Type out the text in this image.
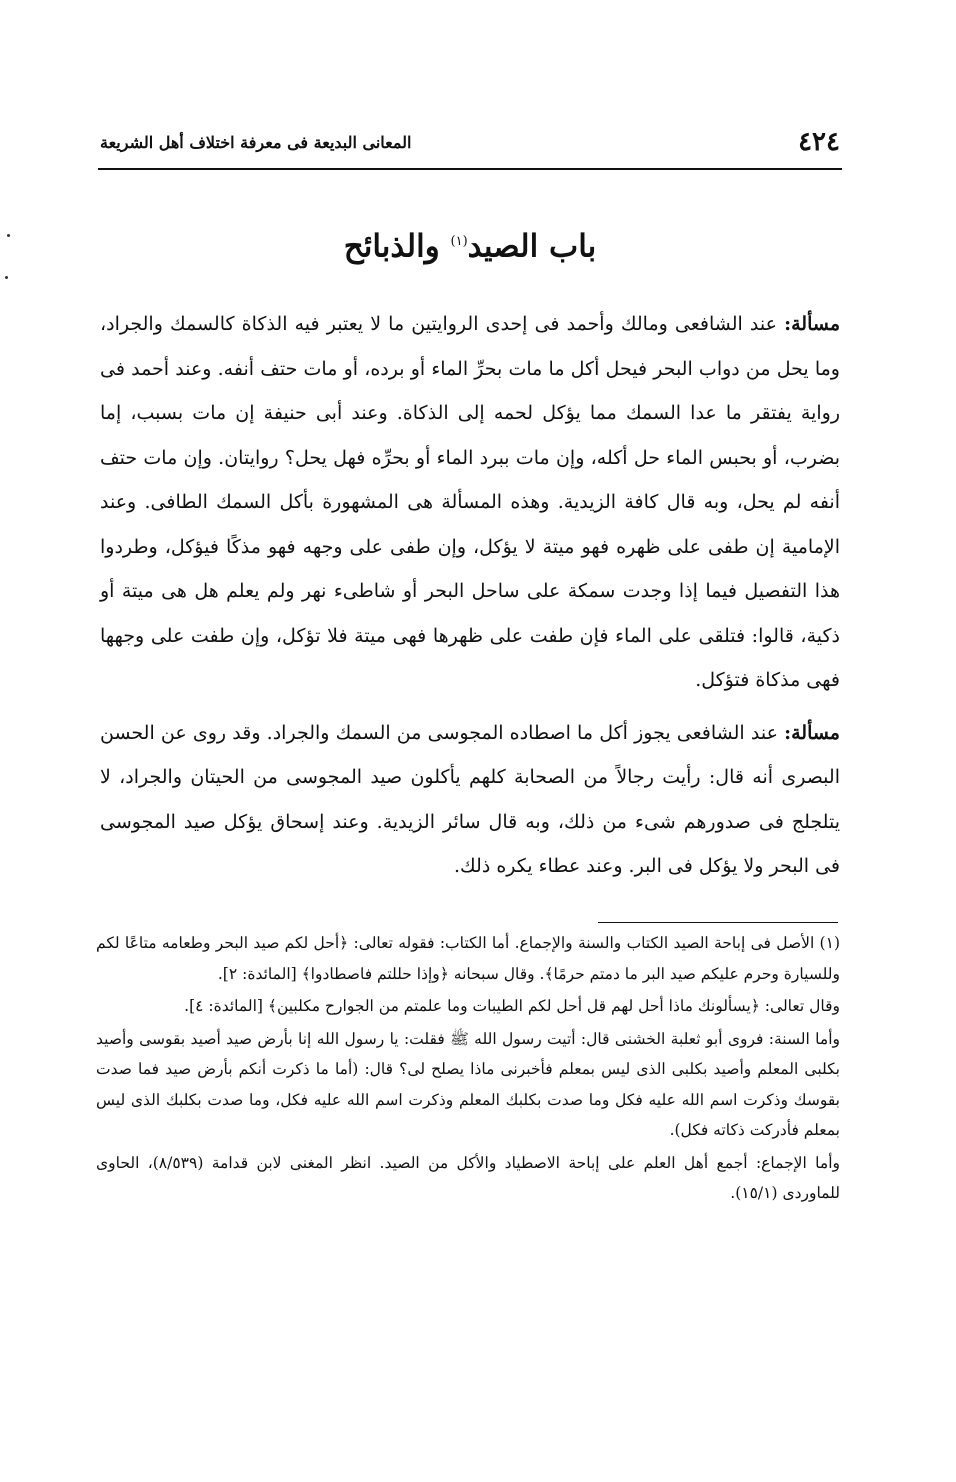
٤٢٤
المعانى البديعة فى معرفة اختلاف أهل الشريعة
باب الصيد$^{(١)}$ والذبائح

مسألة: عند الشافعى ومالك وأحمد فى إحدى الروايتين ما لا يعتبر فيه الذكاة كالسمك والجراد، وما يحل من دواب البحر فيحل أكل ما مات بحرِّ الماء أو برده، أو مات حتف أنفه. وعند أحمد فى رواية يفتقر ما عدا السمك مما يؤكل لحمه إلى الذكاة. وعند أبى حنيفة إن مات بسبب، إما بضرب، أو بحبس الماء حل أكله، وإن مات ببرد الماء أو بحرِّه فهل يحل؟ روايتان. وإن مات حتف أنفه لم يحل، وبه قال كافة الزيدية. وهذه المسألة هى المشهورة بأكل السمك الطافى. وعند الإمامية إن طفى على ظهره فهو ميتة لا يؤكل، وإن طفى على وجهه فهو مذكًا فيؤكل، وطردوا هذا التفصيل فيما إذا وجدت سمكة على ساحل البحر أو شاطىء نهر ولم يعلم هل هى ميتة أو ذكية، قالوا: فتلقى على الماء فإن طفت على ظهرها فهى ميتة فلا تؤكل، وإن طفت على وجهها فهى مذكاة فتؤكل.

مسألة: عند الشافعى يجوز أكل ما اصطاده المجوسى من السمك والجراد. وقد روى عن الحسن البصرى أنه قال: رأيت رجالاً من الصحابة كلهم يأكلون صيد المجوسى من الحيتان والجراد، لا يتلجلج فى صدورهم شىء من ذلك، وبه قال سائر الزيدية. وعند إسحاق يؤكل صيد المجوسى فى البحر ولا يؤكل فى البر. وعند عطاء يكره ذلك.

(١) الأصل فى إباحة الصيد الكتاب والسنة والإجماع. أما الكتاب: فقوله تعالى: ﴿أحل لكم صيد البحر وطعامه متاعًا لكم وللسيارة وحرم عليكم صيد البر ما دمتم حرمًا﴾. وقال سبحانه ﴿وإذا حللتم فاصطادوا﴾ [المائدة: ٢].

وقال تعالى: ﴿يسألونك ماذا أحل لهم قل أحل لكم الطيبات وما علمتم من الجوارح مكلبين﴾ [المائدة: ٤].

وأما السنة: فروى أبو ثعلبة الخشنى قال: أتيت رسول الله ﷺ فقلت: يا رسول الله إنا بأرض صيد أصيد بقوسى وأصيد بكلبى المعلم وأصيد بكلبى الذى ليس بمعلم فأخبرنى ماذا يصلح لى؟ قال: (أما ما ذكرت أنكم بأرض صيد فما صدت بقوسك وذكرت اسم الله عليه فكل وما صدت بكلبك المعلم وذكرت اسم الله عليه فكل، وما صدت بكلبك الذى ليس بمعلم فأدركت ذكاته فكل).

وأما الإجماع: أجمع أهل العلم على إباحة الاصطياد والأكل من الصيد. انظر المغنى لابن قدامة (٨/٥٣٩)، الحاوى للماوردى (١٥/١).
